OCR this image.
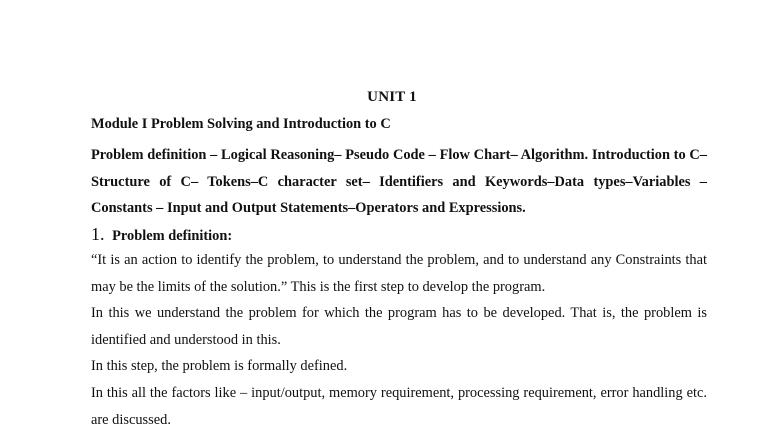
UNIT 1
Module I Problem Solving and Introduction to C
Problem definition – Logical Reasoning– Pseudo Code – Flow Chart– Algorithm. Introduction to C–Structure of C– Tokens–C character set– Identifiers and Keywords–Data types–Variables – Constants – Input and Output Statements–Operators and Expressions.
1. Problem definition:
“It is an action to identify the problem, to understand the problem, and to understand any Constraints that may be the limits of the solution.” This is the first step to develop the program.
In this we understand the problem for which the program has to be developed. That is, the problem is identified and understood in this.
In this step, the problem is formally defined.
In this all the factors like – input/output, memory requirement, processing requirement, error handling etc. are discussed.
